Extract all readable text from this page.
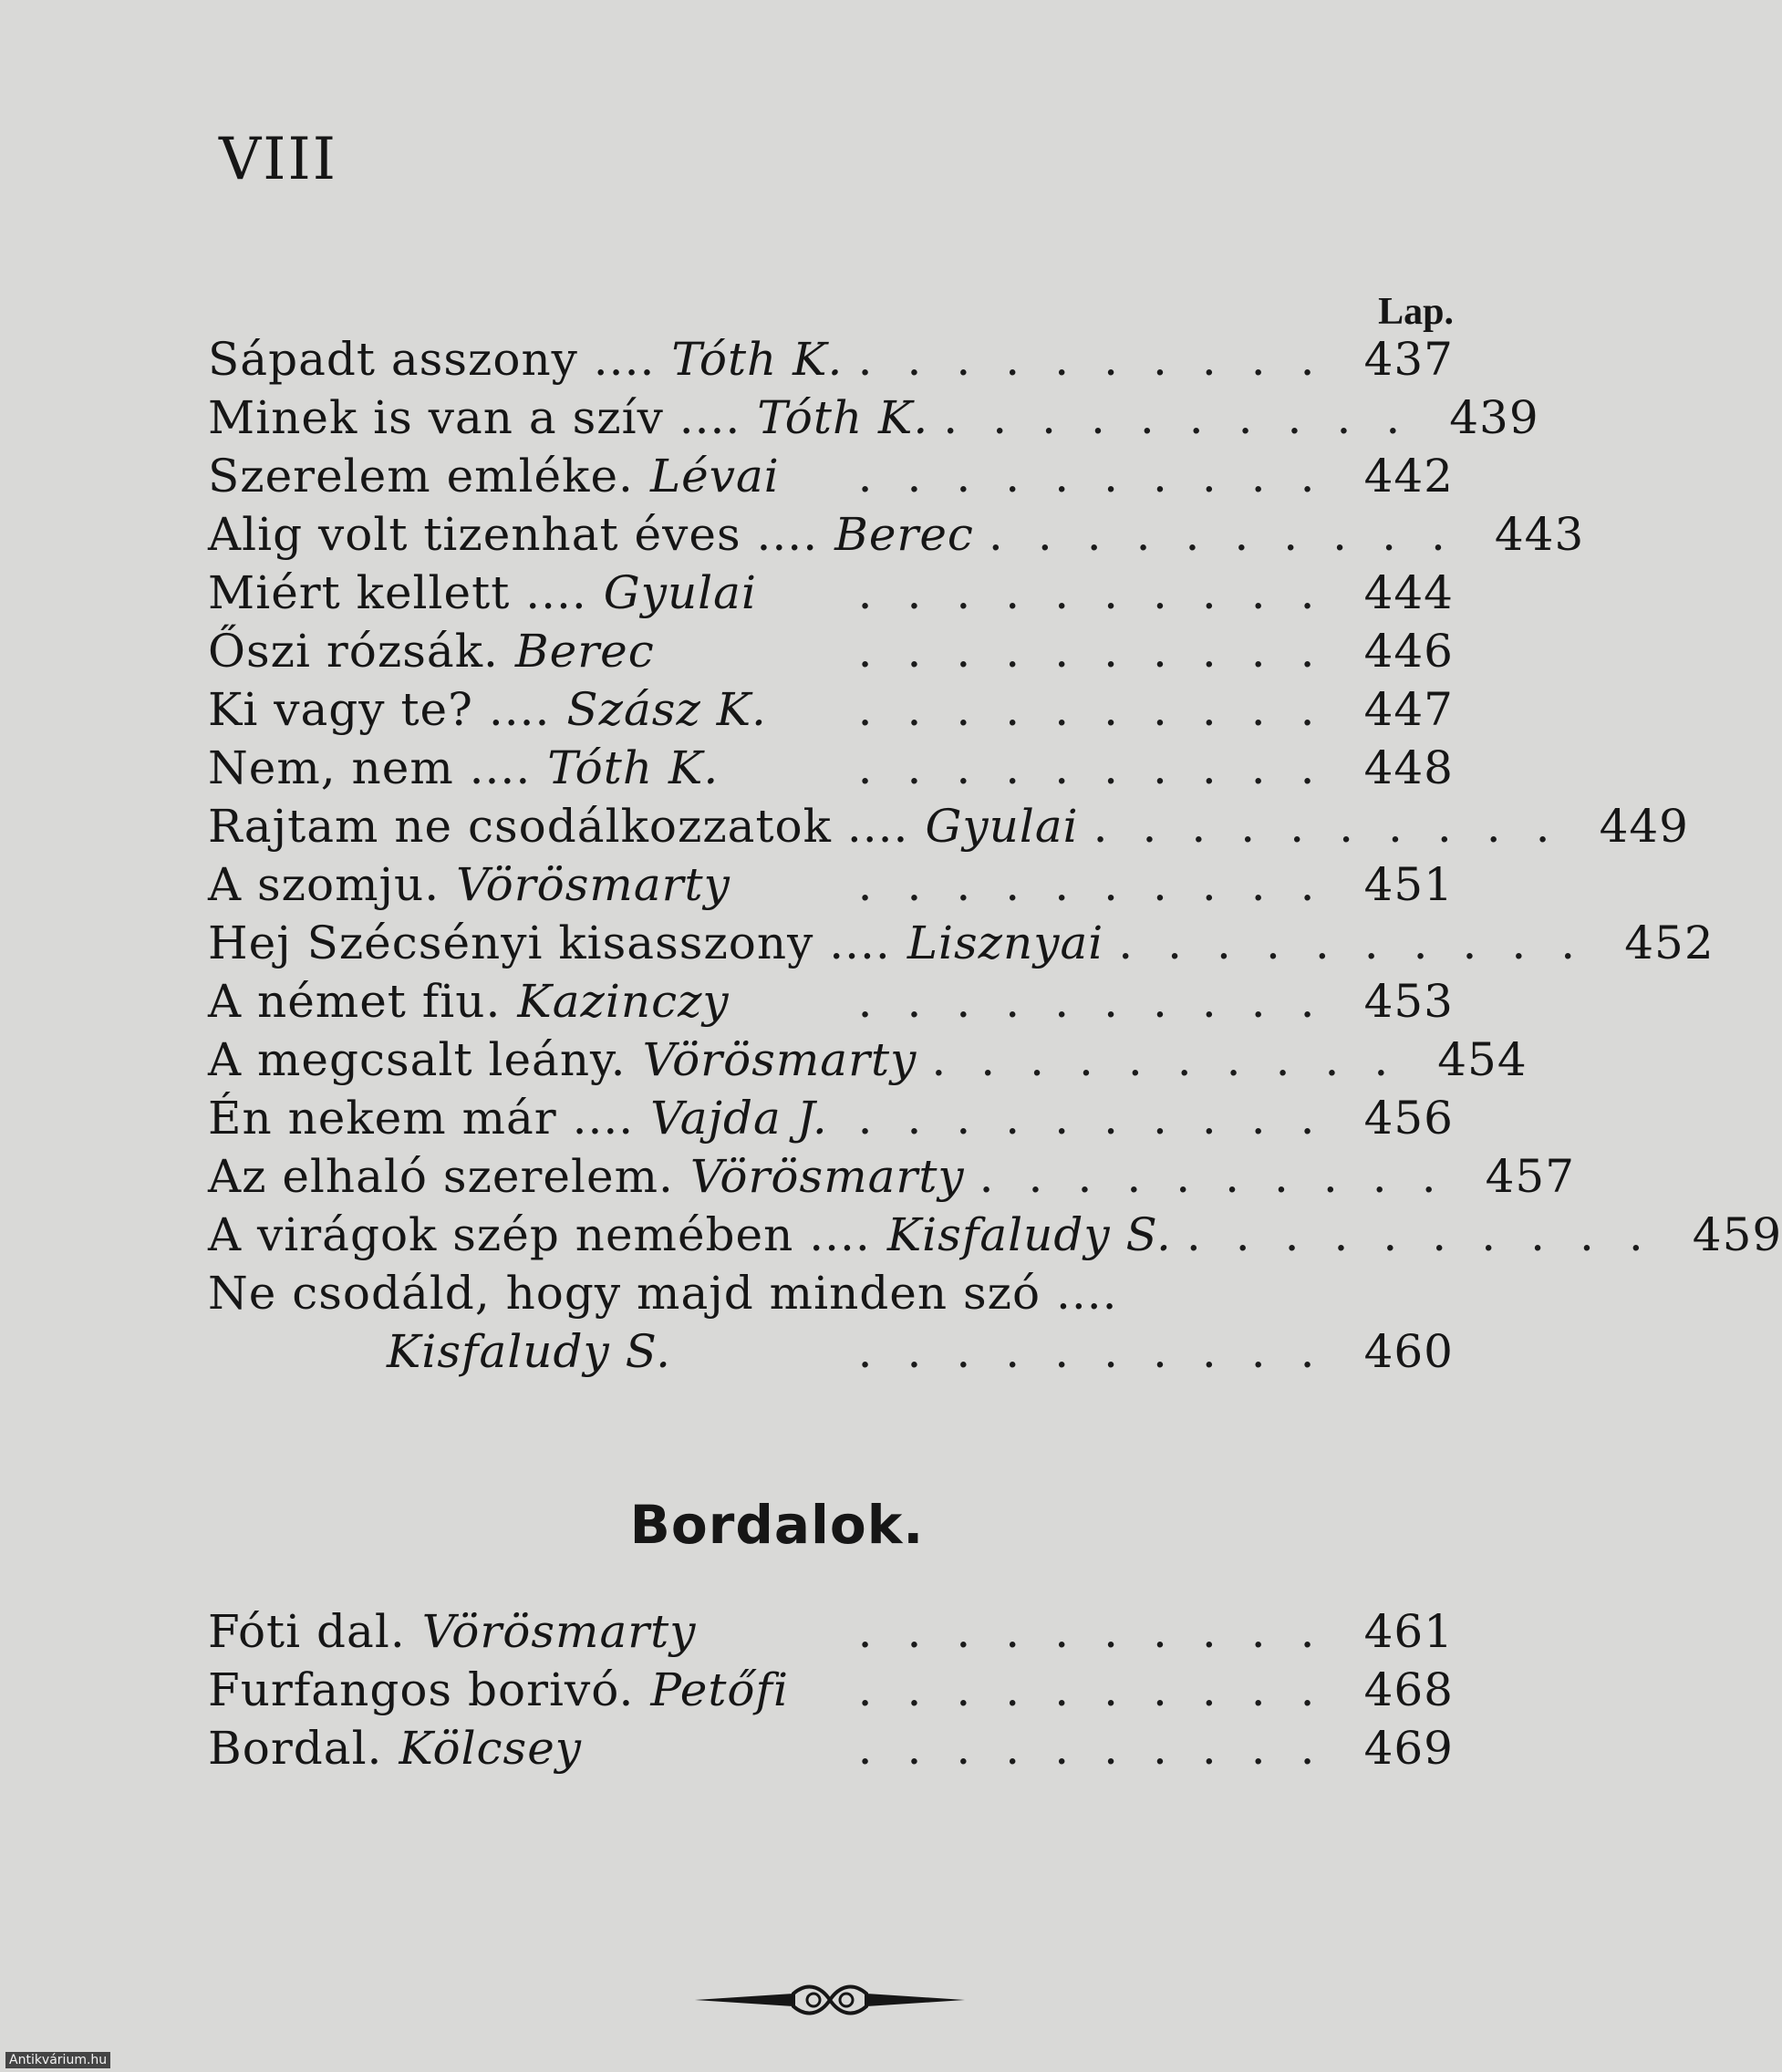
VIII
Lap.
Sápadt asszony .... Tóth K. .......... 437
Minek is van a szív .... Tóth K. .......... 439
Szerelem emléke. Lévai	.......... 442
Alig volt tizenhat éves .... Berec .......... 443
Miért kellett .... Gyulai	.......... 444
Őszi rózsák. Berec	.......... 446
Ki vagy te? .... Szász K.	.......... 447
Nem, nem .... Tóth K.	.......... 448
Rajtam ne csodálkozzatok .... Gyulai .......... 449
A szomju. Vörösmarty	.......... 451
Hej Szécsényi kisasszony .... Lisznyai .......... 452
A német fiu. Kazinczy	.......... 453
A megcsalt leány. Vörösmarty .......... 454
Én nekem már .... Vajda J. .......... 456
Az elhaló szerelem. Vörösmarty .......... 457
A virágok szép nemében .... Kisfaludy S. .......... 459
Ne csodáld, hogy majd minden szó ....
Kisfaludy S.	.......... 460
Bordalok.
Fóti dal. Vörösmarty	.......... 461
Furfangos borivó. Petőfi	.......... 468
Bordal. Kölcsey	.......... 469
Antikvárium.hu
